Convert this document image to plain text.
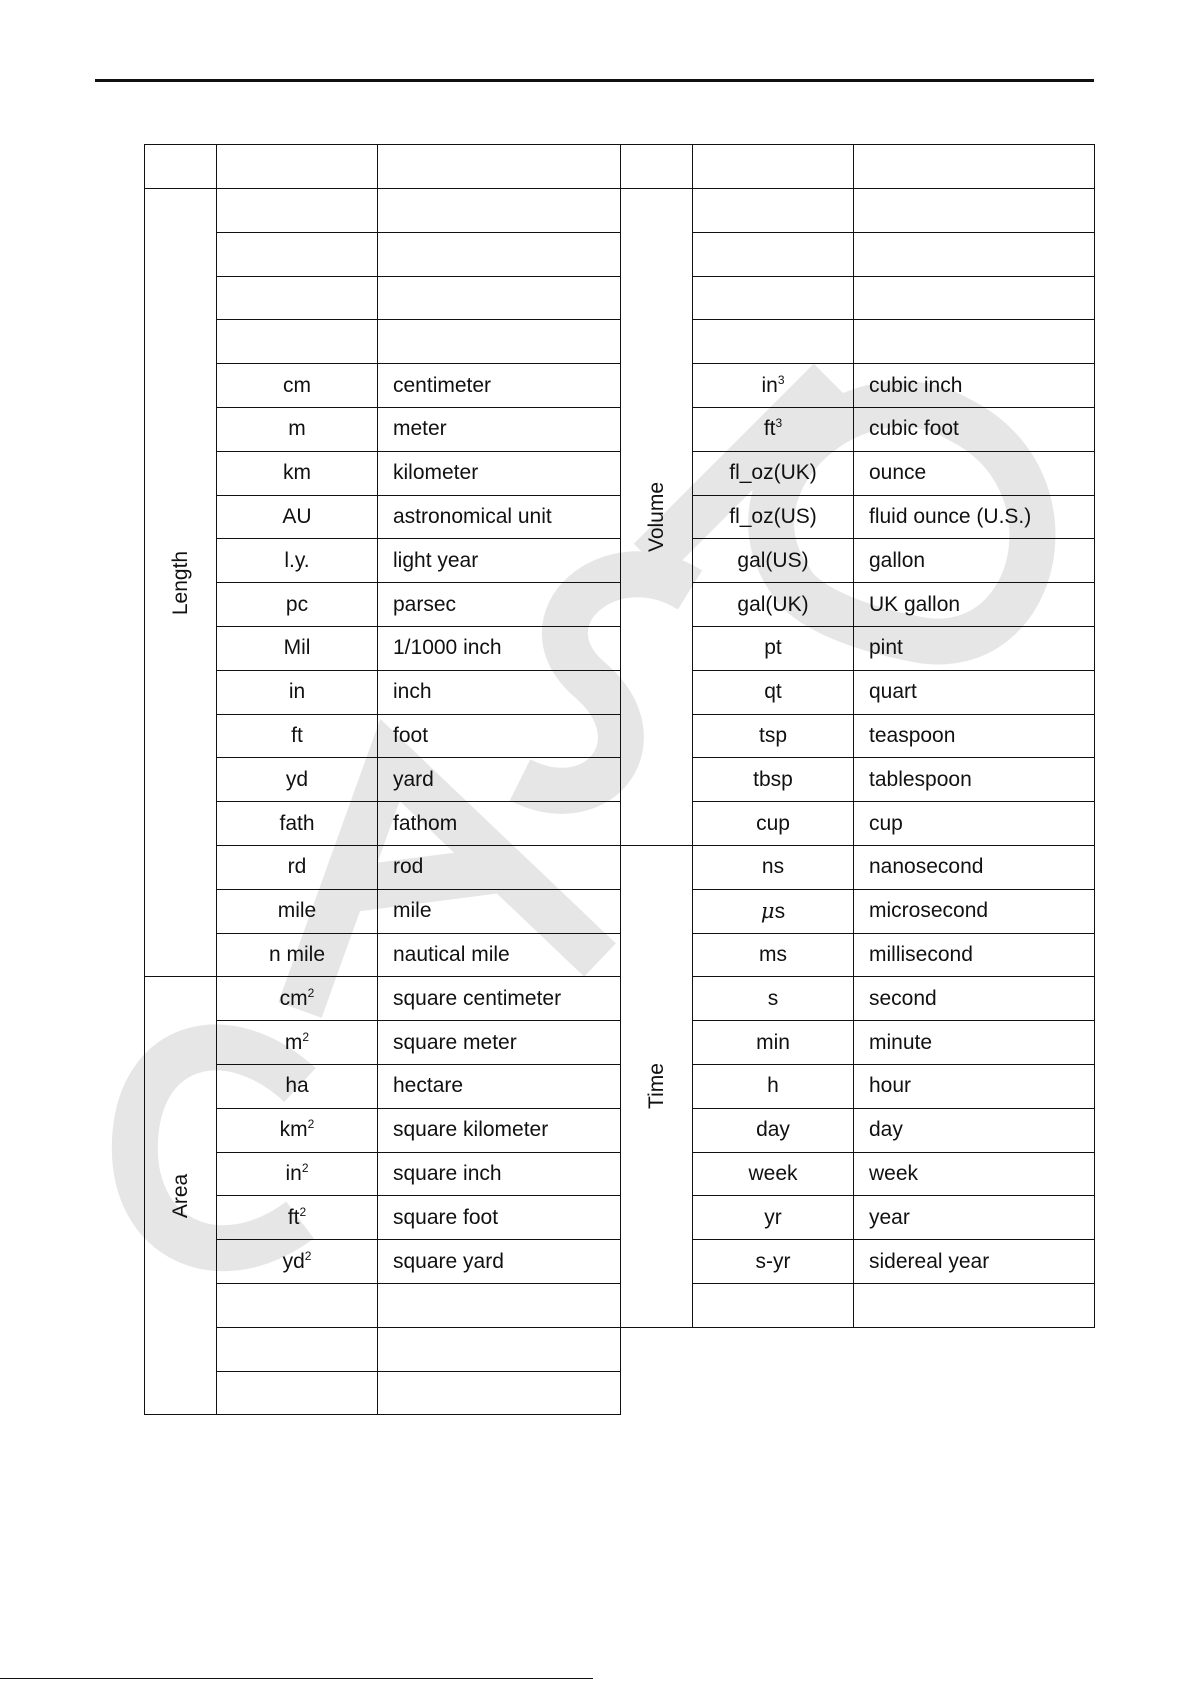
Length		

	cm	centimeter
	m	meter
	km	kilometer
	AU	astronomical unit
	l.y.	light year
	pc	parsec
	Mil	1/1000 inch
	in	inch
	ft	foot
	yd	yard
	fath	fathom
	rd	rod
	mile	mile
	n mile	nautical mile

Area	$cm^2$	square centimeter
	$m^2$	square meter
	ha	hectare
	$km^2$	square kilometer
	$in^2$	square inch
	$ft^2$	square foot
	$yd^2$	square yard

Volume		

	$in^3$	cubic inch
	$ft^3$	cubic foot
	fl_oz(UK)	ounce
	fl_oz(US)	fluid ounce (U.S.)
	gal(US)	gallon
	gal(UK)	UK gallon
	pt	pint
	qt	quart
	tsp	teaspoon
	tbsp	tablespoon
	cup	cup

Time	ns	nanosecond
	μs	microsecond
	ms	millisecond
	s	second
	min	minute
	h	hour
	day	day
	week	week
	yr	year
	s-yr	sidereal year
